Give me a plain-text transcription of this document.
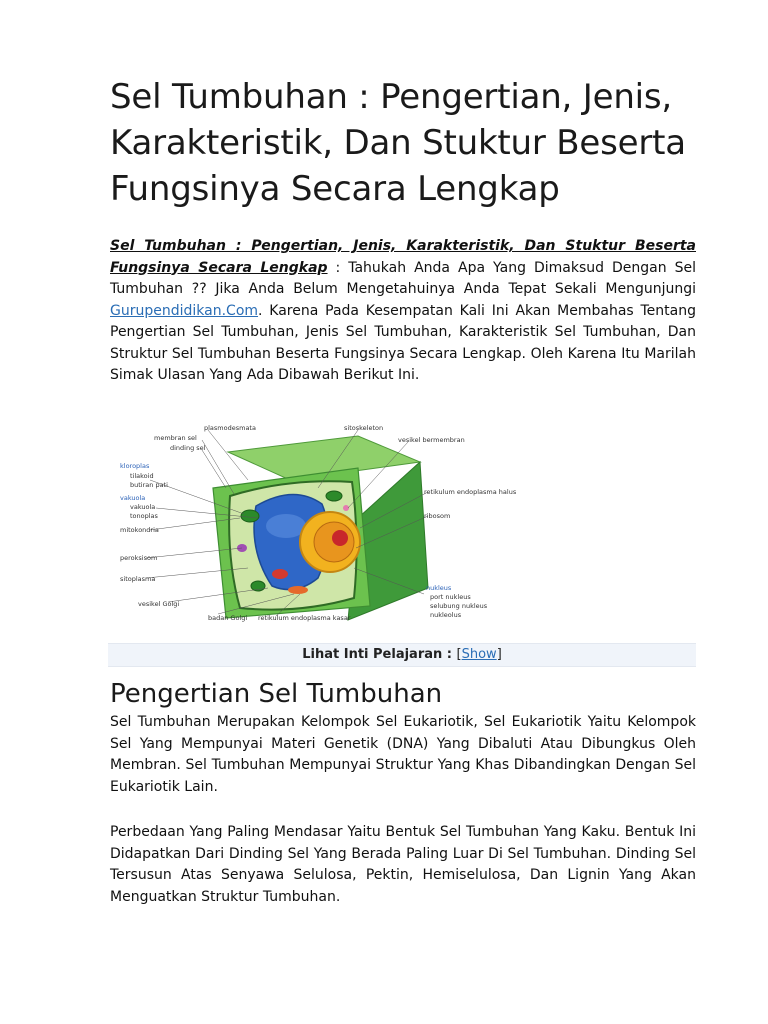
Sel Tumbuhan : Pengertian, Jenis, Karakteristik, Dan Stuktur Beserta Fungsinya Secara Lengkap

Sel Tumbuhan : Pengertian, Jenis, Karakteristik, Dan Stuktur Beserta Fungsinya Secara Lengkap : Tahukah Anda Apa Yang Dimaksud Dengan Sel Tumbuhan ?? Jika Anda Belum Mengetahuinya Anda Tepat Sekali Mengunjungi Gurupendidikan.Com. Karena Pada Kesempatan Kali Ini Akan Membahas Tentang Pengertian Sel Tumbuhan, Jenis Sel Tumbuhan, Karakteristik Sel Tumbuhan, Dan Struktur Sel Tumbuhan Beserta Fungsinya Secara Lengkap. Oleh Karena Itu Marilah Simak Ulasan Yang Ada Dibawah Berikut Ini.

plasmodesmata
membran sel
dinding sel
kloroplas
tilakoid
butiran pati
vakuola
vakuola
tonoplas
mitokondria
peroksisom
sitoplasma
vesikel Golgi
badan Golgi retikulum endoplasma kasar
sitoskeleton
vesikel bermembran
retikulum endoplasma halus
ribosom
nukleus
port nukleus
selubung nukleus
nukleolus
Lihat Inti Pelajaran : [Show]
Pengertian Sel Tumbuhan

Sel Tumbuhan Merupakan Kelompok Sel Eukariotik, Sel Eukariotik Yaitu Kelompok Sel Yang Mempunyai Materi Genetik (DNA) Yang Dibaluti Atau Dibungkus Oleh Membran. Sel Tumbuhan Mempunyai Struktur Yang Khas Dibandingkan Dengan Sel Eukariotik Lain.

Perbedaan Yang Paling Mendasar Yaitu Bentuk Sel Tumbuhan Yang Kaku. Bentuk Ini Didapatkan Dari Dinding Sel Yang Berada Paling Luar Di Sel Tumbuhan. Dinding Sel Tersusun Atas Senyawa Selulosa, Pektin, Hemiselulosa, Dan Lignin Yang Akan Menguatkan Struktur Tumbuhan.
